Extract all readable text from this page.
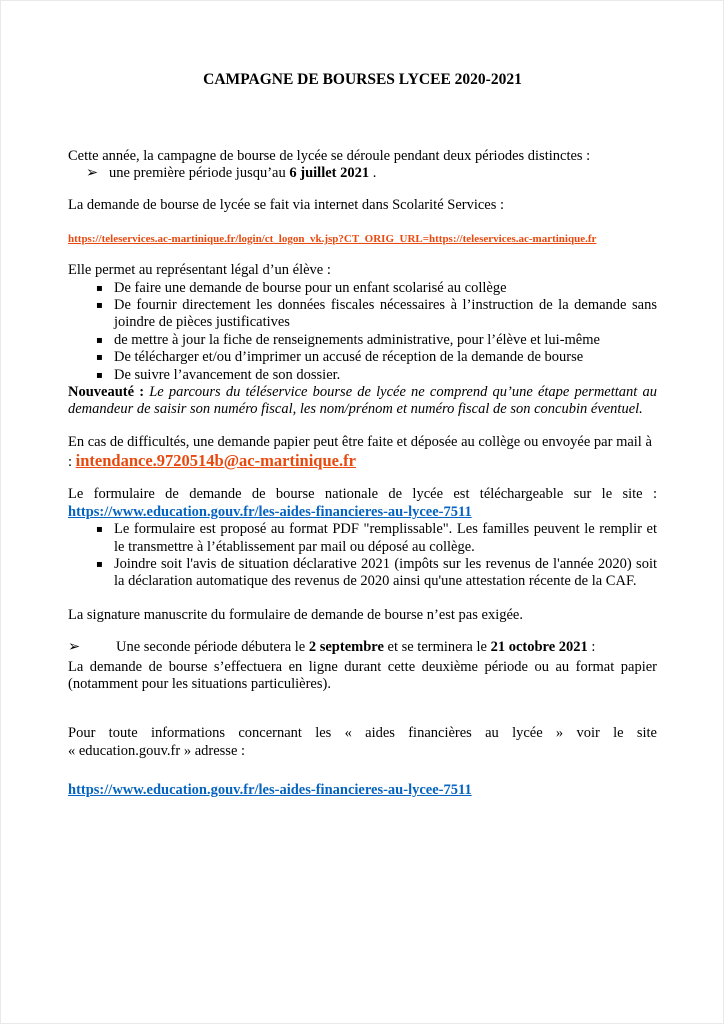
CAMPAGNE DE BOURSES LYCEE 2020-2021

Cette année, la campagne de bourse de lycée se déroule pendant deux périodes distinctes :

➢ une première période jusqu’au 6 juillet 2021 .

La demande de bourse de lycée se fait via internet dans Scolarité Services :

https://teleservices.ac-martinique.fr/login/ct_logon_vk.jsp?CT_ORIG_URL=https://teleservices.ac-martinique.fr

Elle permet au représentant légal d’un élève :

▪ De faire une demande de bourse pour un enfant scolarisé au collège
▪ De fournir directement les données fiscales nécessaires à l’instruction de la demande sans joindre de pièces justificatives
▪ de mettre à jour la fiche de renseignements administrative, pour l’élève et lui-même
▪ De télécharger et/ou d’imprimer un accusé de réception de la demande de bourse
▪ De suivre l’avancement de son dossier.

Nouveauté : Le parcours du téléservice bourse de lycée ne comprend qu’une étape permettant au demandeur de saisir son numéro fiscal, les nom/prénom et numéro fiscal de son concubin éventuel.

En cas de difficultés, une demande papier peut être faite et déposée au collège ou envoyée par mail à : intendance.9720514b@ac-martinique.fr

Le formulaire de demande de bourse nationale de lycée est téléchargeable sur le site :
https://www.education.gouv.fr/les-aides-financieres-au-lycee-7511
▪ Le formulaire est proposé au format PDF "remplissable". Les familles peuvent le remplir et le transmettre à l’établissement par mail ou déposé au collège.
▪ Joindre soit l'avis de situation déclarative 2021 (impôts sur les revenus de l'année 2020) soit la déclaration automatique des revenus de 2020 ainsi qu'une attestation récente de la CAF.

La signature manuscrite du formulaire de demande de bourse n’est pas exigée.

➢	Une seconde période débutera le 2 septembre et se terminera le 21 octobre 2021 :
La demande de bourse s’effectuera en ligne durant cette deuxième période ou au format papier
(notamment pour les situations particulières).
Pour toute informations concernant les « aides financières au lycée » voir le site
« education.gouv.fr » adresse :

https://www.education.gouv.fr/les-aides-financieres-au-lycee-7511
